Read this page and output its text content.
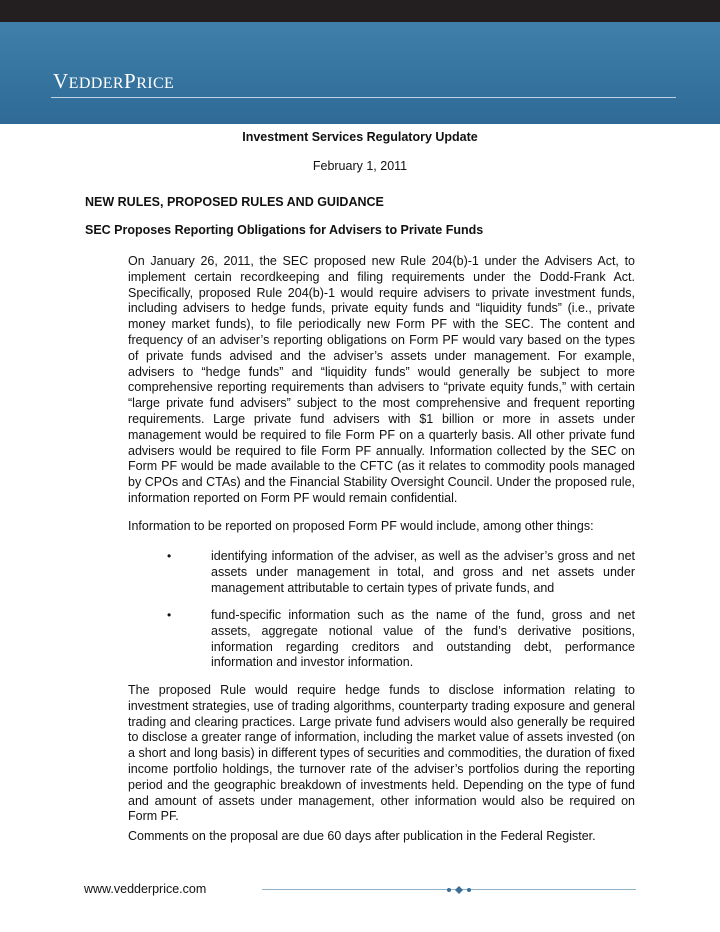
VEDDERPRICE
Investment Services Regulatory Update
February 1, 2011
NEW RULES, PROPOSED RULES AND GUIDANCE
SEC Proposes Reporting Obligations for Advisers to Private Funds

On January 26, 2011, the SEC proposed new Rule 204(b)-1 under the Advisers Act, to implement certain recordkeeping and filing requirements under the Dodd-Frank Act. Specifically, proposed Rule 204(b)-1 would require advisers to private investment funds, including advisers to hedge funds, private equity funds and “liquidity funds” (i.e., private money market funds), to file periodically new Form PF with the SEC. The content and frequency of an adviser’s reporting obligations on Form PF would vary based on the types of private funds advised and the adviser’s assets under management. For example, advisers to “hedge funds” and “liquidity funds” would generally be subject to more comprehensive reporting requirements than advisers to “private equity funds,” with certain “large private fund advisers” subject to the most comprehensive and frequent reporting requirements. Large private fund advisers with $1 billion or more in assets under management would be required to file Form PF on a quarterly basis. All other private fund advisers would be required to file Form PF annually. Information collected by the SEC on Form PF would be made available to the CFTC (as it relates to commodity pools managed by CPOs and CTAs) and the Financial Stability Oversight Council. Under the proposed rule, information reported on Form PF would remain confidential.

Information to be reported on proposed Form PF would include, among other things:

•	identifying information of the adviser, as well as the adviser’s gross and net assets under management in total, and gross and net assets under management attributable to certain types of private funds, and

•	fund-specific information such as the name of the fund, gross and net assets, aggregate notional value of the fund’s derivative positions, information regarding creditors and outstanding debt, performance information and investor information.

The proposed Rule would require hedge funds to disclose information relating to investment strategies, use of trading algorithms, counterparty trading exposure and general trading and clearing practices. Large private fund advisers would also generally be required to disclose a greater range of information, including the market value of assets invested (on a short and long basis) in different types of securities and commodities, the duration of fixed income portfolio holdings, the turnover rate of the adviser’s portfolios during the reporting period and the geographic breakdown of investments held. Depending on the type of fund and amount of assets under management, other information would also be required on Form PF.

Comments on the proposal are due 60 days after publication in the Federal Register.

www.vedderprice.com
